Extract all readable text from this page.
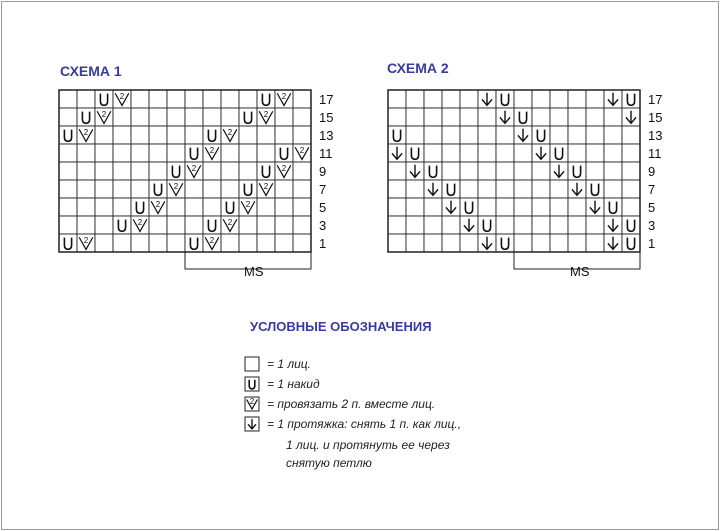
СХЕМА 1	СХЕМА 2
2	2
2	2
2	2
2	2
2	2
2	2
2	2
2	2
2	2
17
15
13
11
9
7
5
3
1
17
15
13
11
9
7
5
3
1
MS	MS
УСЛОВНЫЕ ОБОЗНАЧЕНИЯ
= 1 лиц.
= 1 накид
2 = провязать 2 п. вместе лиц.
= 1 протяжка: снять 1 п. как лиц.,
1 лиц. и протянуть ее через
снятую петлю
